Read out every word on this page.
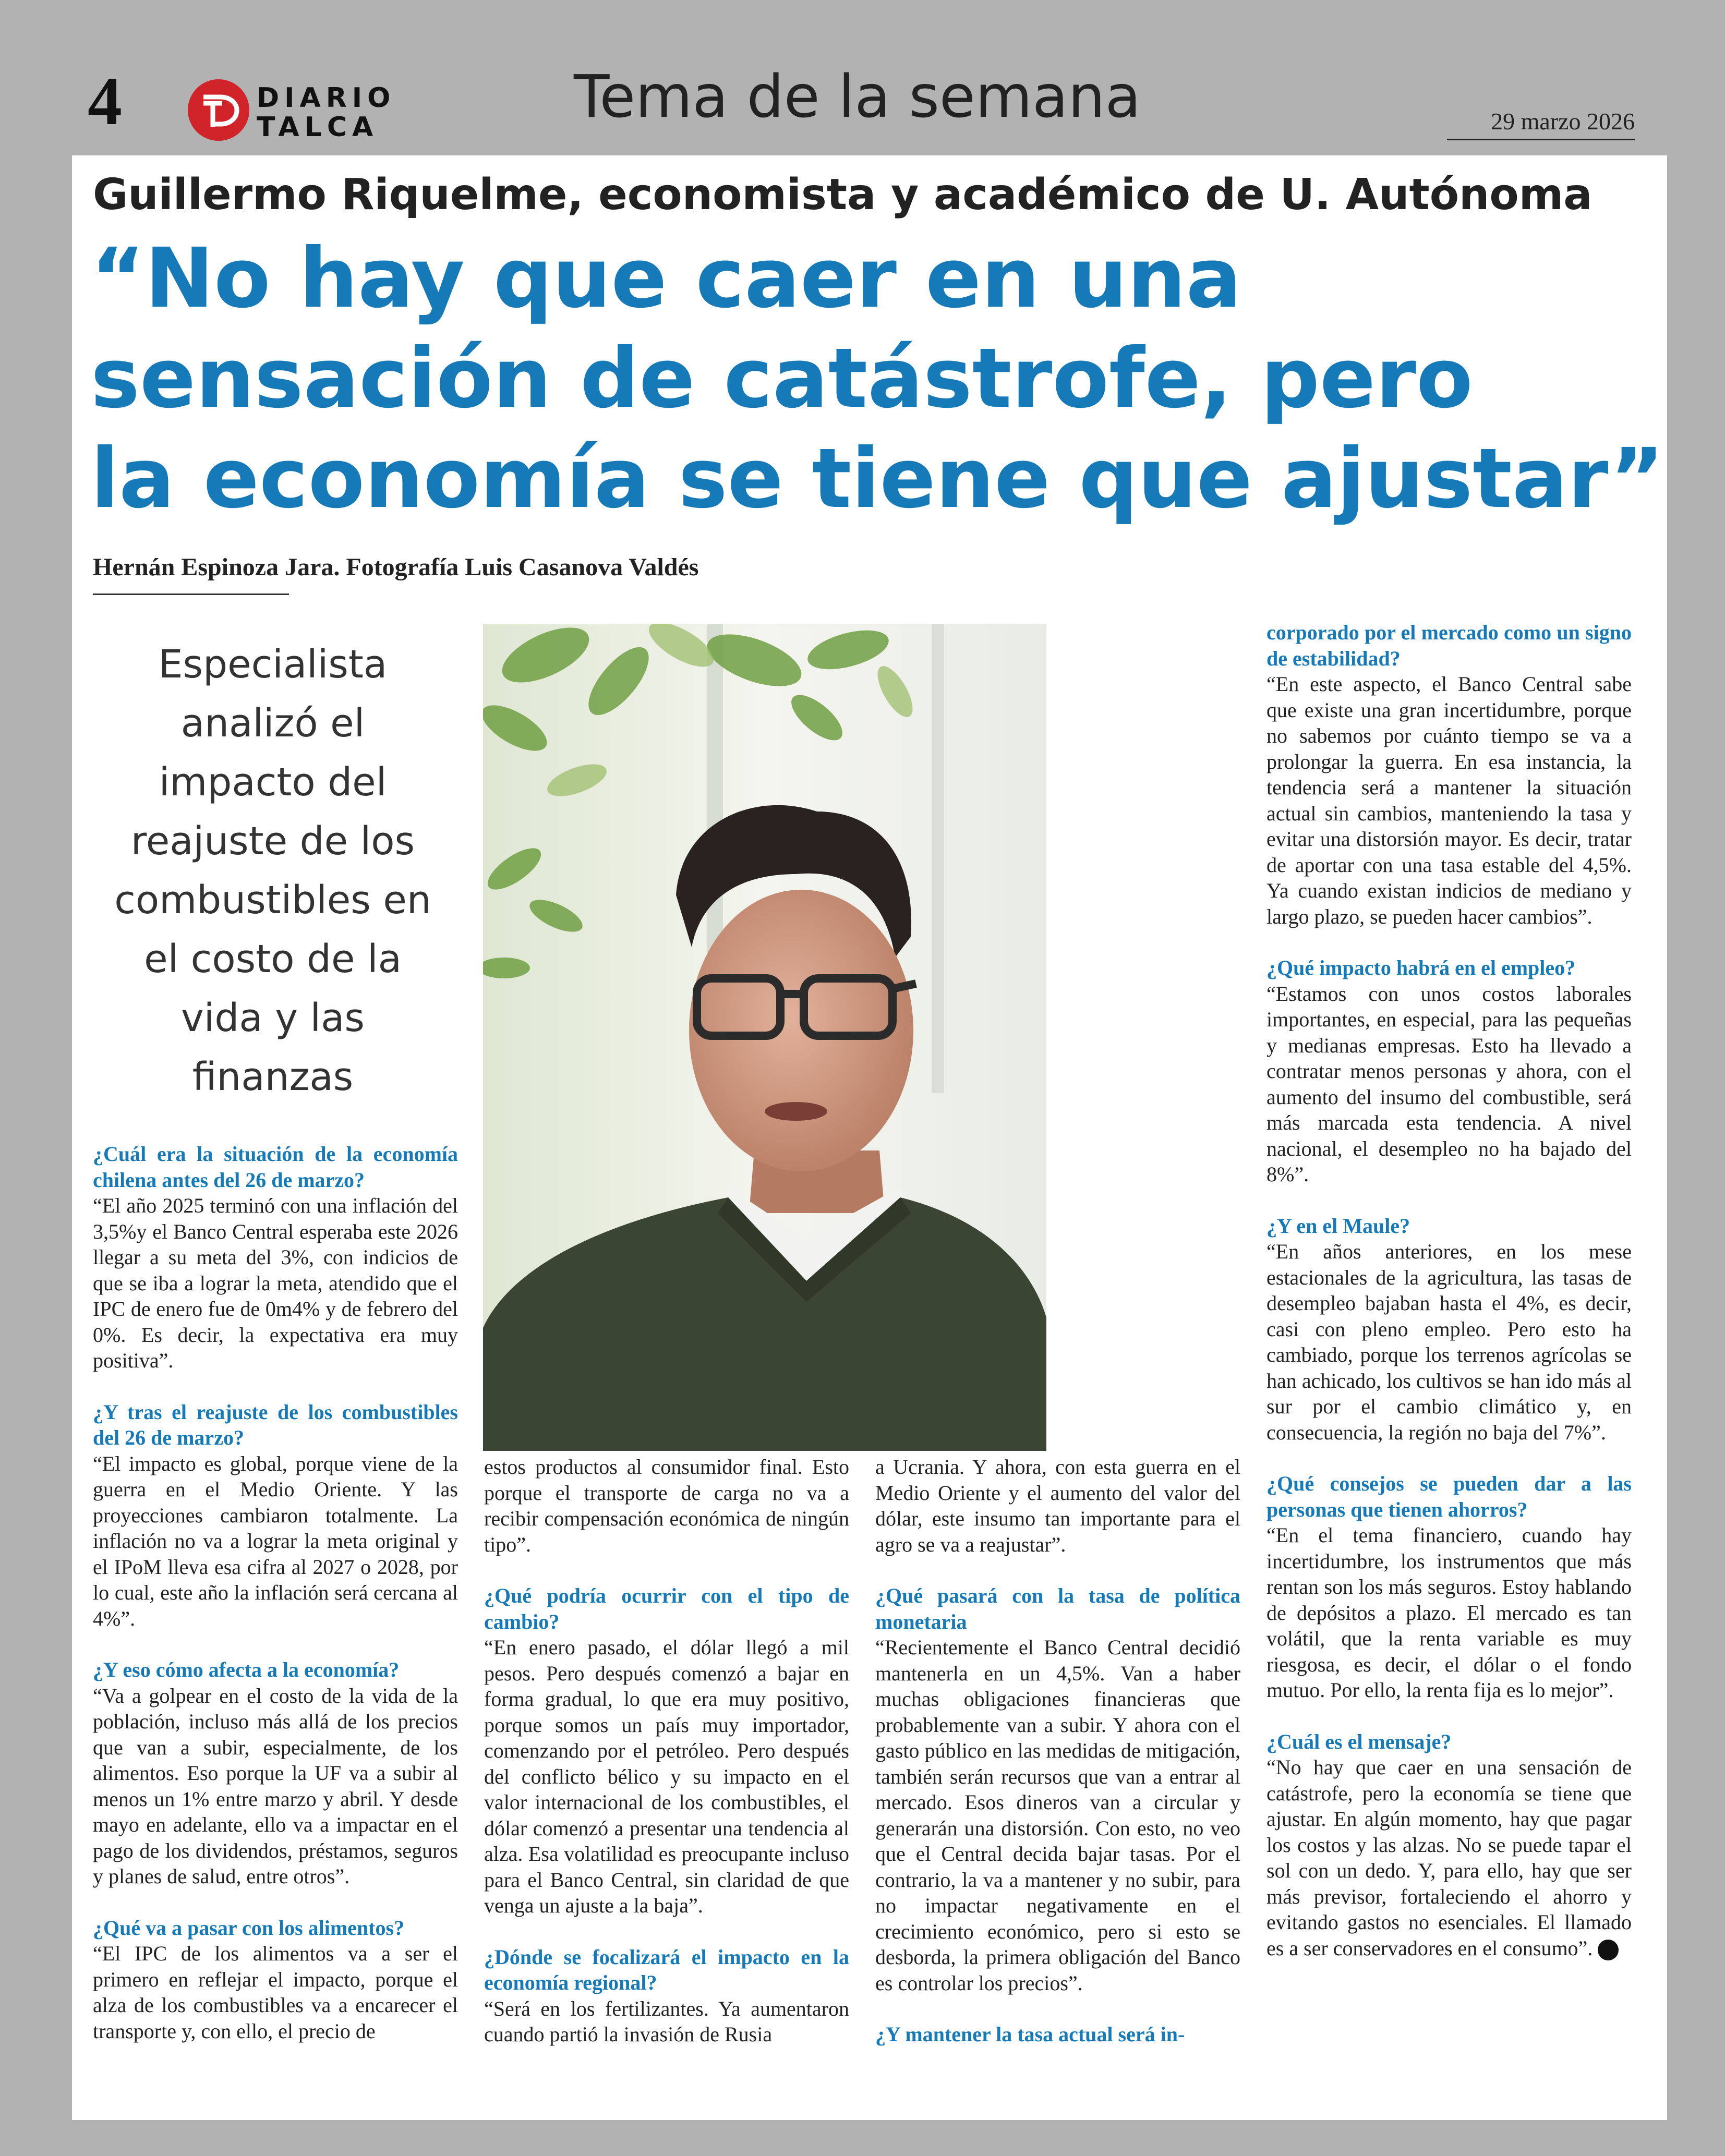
4	DIARIO
TALCA	Tema de la semana	29 marzo 2026
Guillermo Riquelme, economista y académico de U. Autónoma
“No hay que caer en una
sensación de catástrofe, pero
la economía se tiene que ajustar”
Hernán Espinoza Jara. Fotografía Luis Casanova Valdés

Especialista analizó el impacto del reajuste de los combustibles en el costo de la vida y las finanzas

¿Cuál era la situación de la economía chilena antes del 26 de marzo?

“El año 2025 terminó con una inflación del 3,5%y el Banco Central esperaba este 2026 llegar a su meta del 3%, con indicios de que se iba a lograr la meta, atendido que el IPC de enero fue de 0m4% y de febrero del 0%. Es decir, la expectativa era muy positiva”.

¿Y tras el reajuste de los combustibles del 26 de marzo?

“El impacto es global, porque viene de la guerra en el Medio Oriente. Y las proyecciones cambiaron totalmente. La inflación no va a lograr la meta original y el IPoM lleva esa cifra al 2027 o 2028, por lo cual, este año la inflación será cercana al 4%”.

¿Y eso cómo afecta a la economía?

“Va a golpear en el costo de la vida de la población, incluso más allá de los precios que van a subir, especialmente, de los alimentos. Eso porque la UF va a subir al menos un 1% entre marzo y abril. Y desde mayo en adelante, ello va a impactar en el pago de los dividendos, préstamos, seguros y planes de salud, entre otros”.

¿Qué va a pasar con los alimentos?

“El IPC de los alimentos va a ser el primero en reflejar el impacto, porque el alza de los combustibles va a encarecer el transporte y, con ello, el precio de

estos productos al consumidor final. Esto porque el transporte de carga no va a recibir compensación económica de ningún tipo”.

¿Qué podría ocurrir con el tipo de cambio?

“En enero pasado, el dólar llegó a mil pesos. Pero después comenzó a bajar en forma gradual, lo que era muy positivo, porque somos un país muy importador, comenzando por el petróleo. Pero después del conflicto bélico y su impacto en el valor internacional de los combustibles, el dólar comenzó a presentar una tendencia al alza. Esa volatilidad es preocupante incluso para el Banco Central, sin claridad de que venga un ajuste a la baja”.

¿Dónde se focalizará el impacto en la economía regional?

“Será en los fertilizantes. Ya aumentaron cuando partió la invasión de Rusia

a Ucrania. Y ahora, con esta guerra en el Medio Oriente y el aumento del valor del dólar, este insumo tan importante para el agro se va a reajustar”.

¿Qué pasará con la tasa de política monetaria

“Recientemente el Banco Central decidió mantenerla en un 4,5%. Van a haber muchas obligaciones financieras que probablemente van a subir. Y ahora con el gasto público en las medidas de mitigación, también serán recursos que van a entrar al mercado. Esos dineros van a circular y generarán una distorsión. Con esto, no veo que el Central decida bajar tasas. Por el contrario, la va a mantener y no subir, para no impactar negativamente en el crecimiento económico, pero si esto se desborda, la primera obligación del Banco es controlar los precios”.

¿Y mantener la tasa actual será in-

corporado por el mercado como un signo de estabilidad?

“En este aspecto, el Banco Central sabe que existe una gran incertidumbre, porque no sabemos por cuánto tiempo se va a prolongar la guerra. En esa instancia, la tendencia será a mantener la situación actual sin cambios, manteniendo la tasa y evitar una distorsión mayor. Es decir, tratar de aportar con una tasa estable del 4,5%. Ya cuando existan indicios de mediano y largo plazo, se pueden hacer cambios”.

¿Qué impacto habrá en el empleo?

“Estamos con unos costos laborales importantes, en especial, para las pequeñas y medianas empresas. Esto ha llevado a contratar menos personas y ahora, con el aumento del insumo del combustible, será más marcada esta tendencia. A nivel nacional, el desempleo no ha bajado del 8%”.

¿Y en el Maule?

“En años anteriores, en los mese estacionales de la agricultura, las tasas de desempleo bajaban hasta el 4%, es decir, casi con pleno empleo. Pero esto ha cambiado, porque los terrenos agrícolas se han achicado, los cultivos se han ido más al sur por el cambio climático y, en consecuencia, la región no baja del 7%”.

¿Qué consejos se pueden dar a las personas que tienen ahorros?

“En el tema financiero, cuando hay incertidumbre, los instrumentos que más rentan son los más seguros. Estoy hablando de depósitos a plazo. El mercado es tan volátil, que la renta variable es muy riesgosa, es decir, el dólar o el fondo mutuo. Por ello, la renta fija es lo mejor”.

¿Cuál es el mensaje?

“No hay que caer en una sensación de catástrofe, pero la economía se tiene que ajustar. En algún momento, hay que pagar los costos y las alzas. No se puede tapar el sol con un dedo. Y, para ello, hay que ser más previsor, fortaleciendo el ahorro y evitando gastos no esenciales. El llamado es a ser conservadores en el consumo”.
